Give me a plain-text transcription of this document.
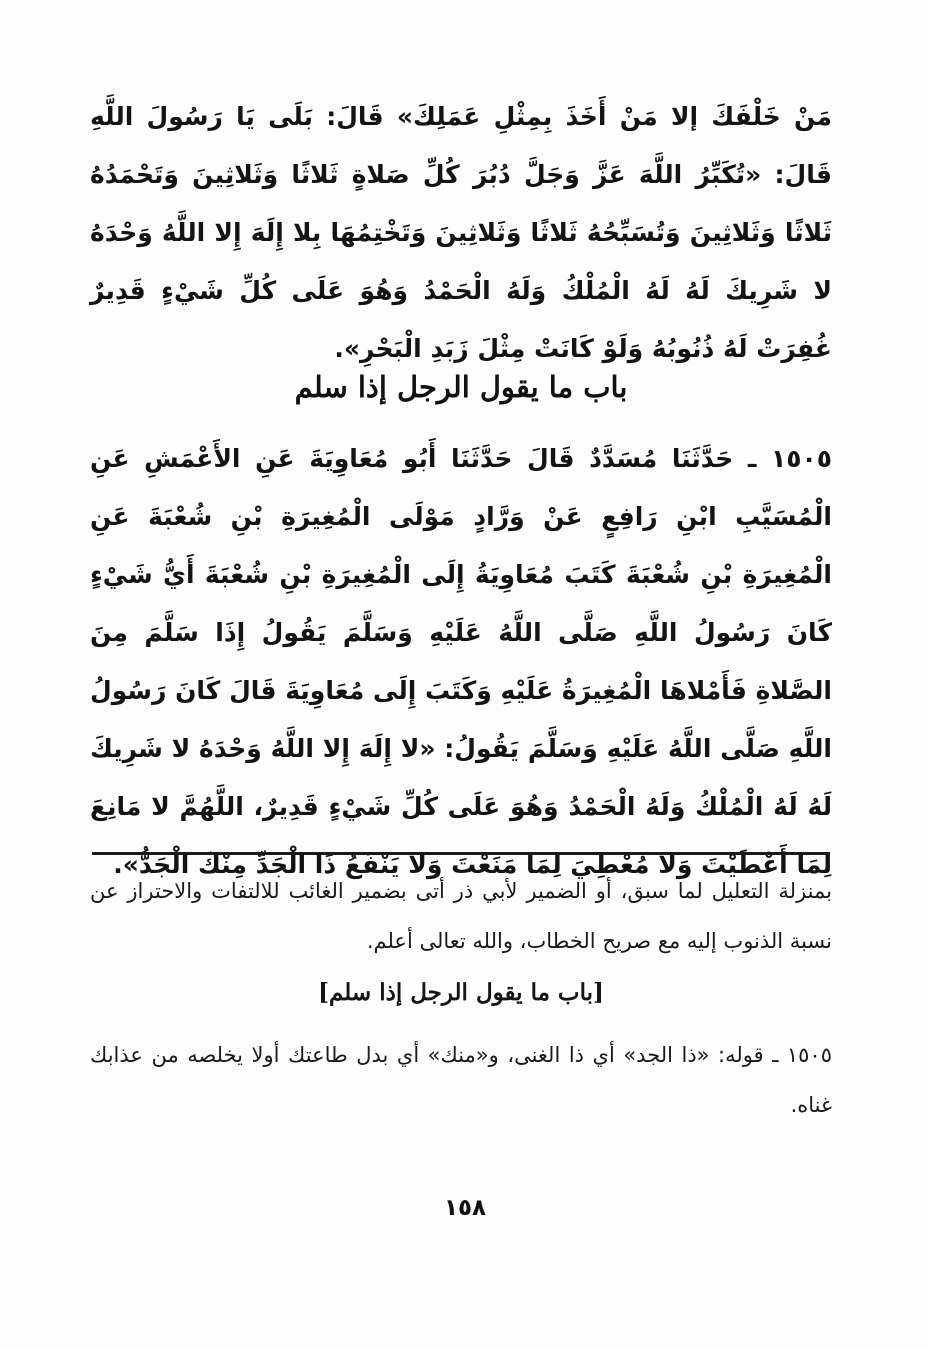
مَنْ خَلْفَكَ إلا مَنْ أَخَذَ بِمِثْلِ عَمَلِكَ» قَالَ: بَلَى يَا رَسُولَ اللَّهِ قَالَ: «تُكَبِّرُ اللَّهَ عَزَّ وَجَلَّ دُبُرَ كُلِّ صَلاةٍ ثَلاثًا وَثَلاثِينَ وَتَحْمَدُهُ ثَلاثًا وَثَلاثِينَ وَتُسَبِّحُهُ ثَلاثًا وَثَلاثِينَ وَتَخْتِمُهَا بِلا إِلَهَ إِلا اللَّهُ وَحْدَهُ لا شَرِيكَ لَهُ لَهُ الْمُلْكُ وَلَهُ الْحَمْدُ وَهُوَ عَلَى كُلِّ شَيْءٍ قَدِيرٌ غُفِرَتْ لَهُ ذُنُوبُهُ وَلَوْ كَانَتْ مِثْلَ زَبَدِ الْبَحْرِ».

باب ما يقول الرجل إذا سلم

١٥٠٥ ـ حَدَّثَنَا مُسَدَّدٌ قَالَ حَدَّثَنَا أَبُو مُعَاوِيَةَ عَنِ الأَعْمَشِ عَنِ الْمُسَيَّبِ ابْنِ رَافِعٍ عَنْ وَرَّادٍ مَوْلَى الْمُغِيرَةِ بْنِ شُعْبَةَ عَنِ الْمُغِيرَةِ بْنِ شُعْبَةَ كَتَبَ مُعَاوِيَةُ إِلَى الْمُغِيرَةِ بْنِ شُعْبَةَ أَيُّ شَيْءٍ كَانَ رَسُولُ اللَّهِ صَلَّى اللَّهُ عَلَيْهِ وَسَلَّمَ يَقُولُ إِذَا سَلَّمَ مِنَ الصَّلاةِ فَأَمْلاهَا الْمُغِيرَةُ عَلَيْهِ وَكَتَبَ إِلَى مُعَاوِيَةَ قَالَ كَانَ رَسُولُ اللَّهِ صَلَّى اللَّهُ عَلَيْهِ وَسَلَّمَ يَقُولُ: «لا إِلَهَ إِلا اللَّهُ وَحْدَهُ لا شَرِيكَ لَهُ لَهُ الْمُلْكُ وَلَهُ الْحَمْدُ وَهُوَ عَلَى كُلِّ شَيْءٍ قَدِيرٌ، اللَّهُمَّ لا مَانِعَ لِمَا أَعْطَيْتَ وَلا مُعْطِيَ لِمَا مَنَعْتَ وَلا يَنْفَعُ ذَا الْجَدِّ مِنْكَ الْجَدُّ».

بمنزلة التعليل لما سبق، أو الضمير لأبي ذر أتى بضمير الغائب للالتفات والاحتراز عن نسبة الذنوب إليه مع صريح الخطاب، والله تعالى أعلم.

[باب ما يقول الرجل إذا سلم]

١٥٠٥ ـ قوله: «ذا الجد» أي ذا الغنى، و«منك» أي بدل طاعتك أولا يخلصه من عذابك غناه.

١٥٨
